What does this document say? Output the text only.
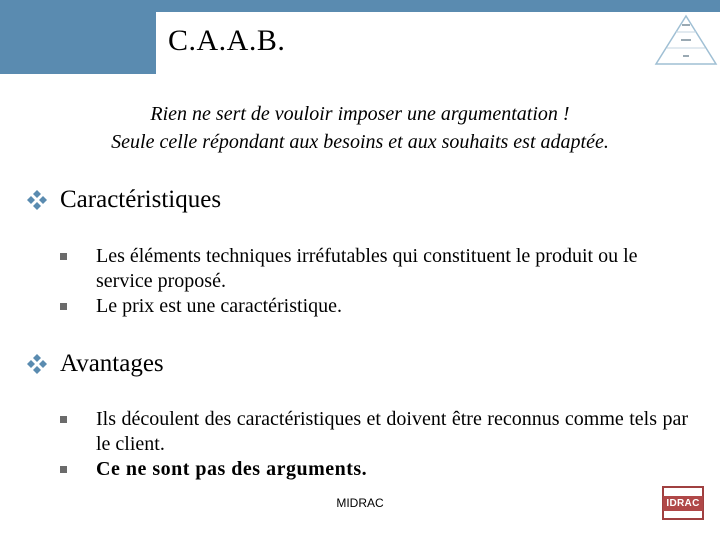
C.A.A.B.
Rien ne sert de vouloir imposer une argumentation !
Seule celle répondant aux besoins et aux souhaits est adaptée.
Caractéristiques
Les éléments techniques irréfutables qui constituent le produit ou le service proposé.
Le prix est une caractéristique.
Avantages
Ils découlent des caractéristiques et doivent être reconnus comme tels par le client.
Ce ne sont pas des arguments.
MIDRAC	IDRAC
